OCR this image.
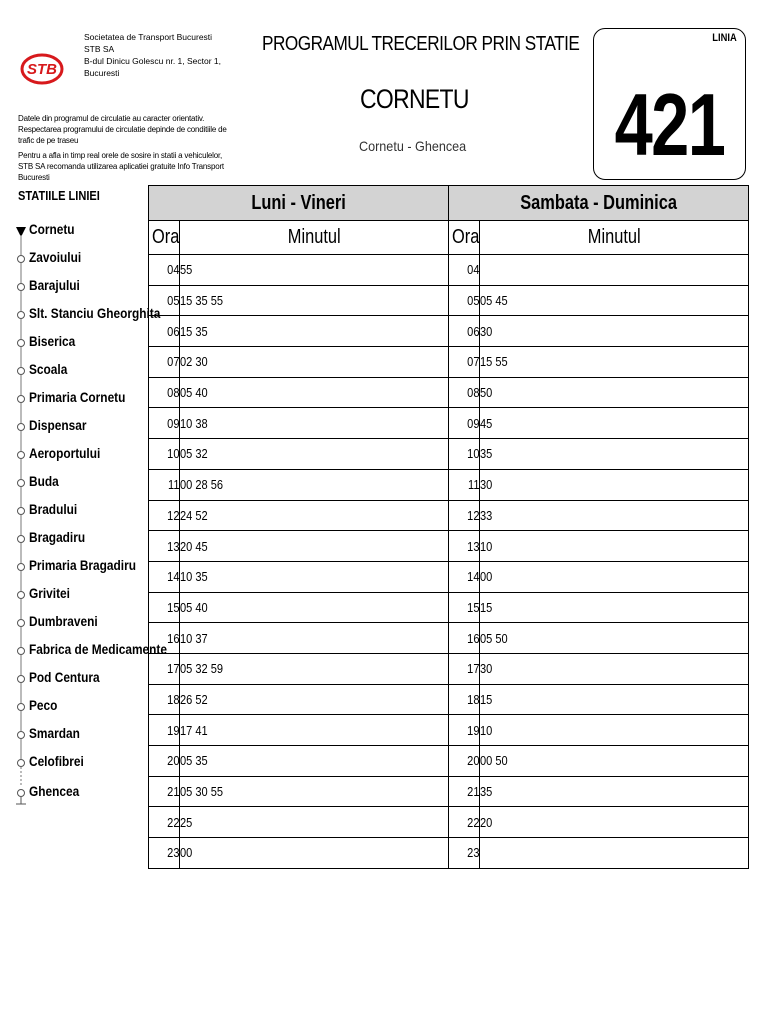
STB
Societatea de Transport Bucuresti
STB SA
B-dul Dinicu Golescu nr. 1, Sector 1,
Bucuresti
Datele din programul de circulatie au caracter orientativ. Respectarea programului de circulatie depinde de conditiile de trafic de pe traseu
Pentru a afla in timp real orele de sosire in statii a vehiculelor, STB SA recomanda utilizarea aplicatiei gratuite Info Transport Bucuresti
PROGRAMUL TRECERILOR PRIN STATIE
CORNETU
Cornetu - Ghencea
LINIA
421
STATIILE LINIEI
Cornetu
Zavoiului
Barajului
Slt. Stanciu Gheorghita
Biserica
Scoala
Primaria Cornetu
Dispensar
Aeroportului
Buda
Bradului
Bragadiru
Primaria Bragadiru
Grivitei
Dumbraveni
Fabrica de Medicamente
Pod Centura
Peco
Smardan
Celofibrei
Ghencea
Luni - Vineri		Sambata - Duminica	
Ora	Minutul	Ora	Minutul
04	55	04	
05	15 35 55	05	05 45
06	15 35	06	30
07	02 30	07	15 55
08	05 40	08	50
09	10 38	09	45
10	05 32	10	35
11	00 28 56	11	30
12	24 52	12	33
13	20 45	13	10
14	10 35	14	00
15	05 40	15	15
16	10 37	16	05 50
17	05 32 59	17	30
18	26 52	18	15
19	17 41	19	10
20	05 35	20	00 50
21	05 30 55	21	35
22	25	22	20
23	00	23	
